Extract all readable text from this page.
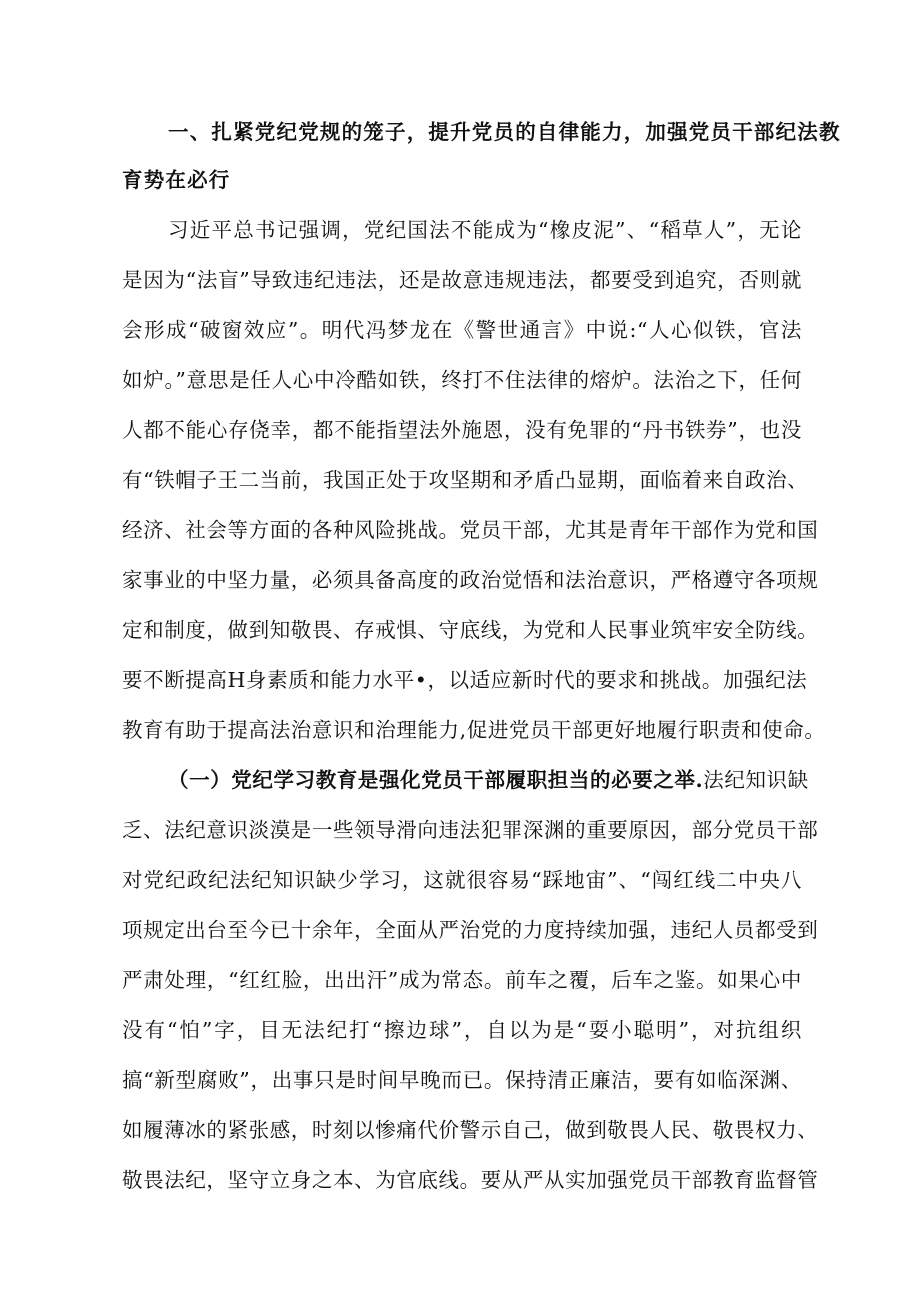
一、扎紧党纪党规的笼子，提升党员的自律能力，加强党员干部纪法教
育势在必行
习近平总书记强调，党纪国法不能成为“橡皮泥”、“稻草人”，无论
是因为“法盲”导致违纪违法，还是故意违规违法，都要受到追究，否则就
会形成“破窗效应”。明代冯梦龙在《警世通言》中说:“人心似铁，官法
如炉。”意思是任人心中冷酷如铁，终打不住法律的熔炉。法治之下，任何
人都不能心存侥幸，都不能指望法外施恩，没有免罪的“丹书铁券”，也没
有“铁帽子王二当前，我国正处于攻坚期和矛盾凸显期，面临着来自政治、
经济、社会等方面的各种风险挑战。党员干部，尤其是青年干部作为党和国
家事业的中坚力量，必须具备高度的政治觉悟和法治意识，严格遵守各项规
定和制度，做到知敬畏、存戒惧、守底线，为党和人民事业筑牢安全防线。
要不断提高H身素质和能力水平•，以适应新时代的要求和挑战。加强纪法
教育有助于提高法治意识和治理能力,促进党员干部更好地履行职责和使命。
（一）党纪学习教育是强化党员干部履职担当的必要之举.法纪知识缺
乏、法纪意识淡漠是一些领导滑向违法犯罪深渊的重要原因，部分党员干部
对党纪政纪法纪知识缺少学习，这就很容易“踩地宙”、“闯红线二中央八
项规定出台至今已十余年，全面从严治党的力度持续加强，违纪人员都受到
严肃处理，“红红脸，出出汗”成为常态。前车之覆，后车之鉴。如果心中
没有“怕”字，目无法纪打“擦边球”，自以为是“耍小聪明”，对抗组织
搞“新型腐败”，出事只是时间早晚而已。保持清正廉洁，要有如临深渊、
如履薄冰的紧张感，时刻以惨痛代价警示自己，做到敬畏人民、敬畏权力、
敬畏法纪，坚守立身之本、为官底线。要从严从实加强党员干部教育监督管
